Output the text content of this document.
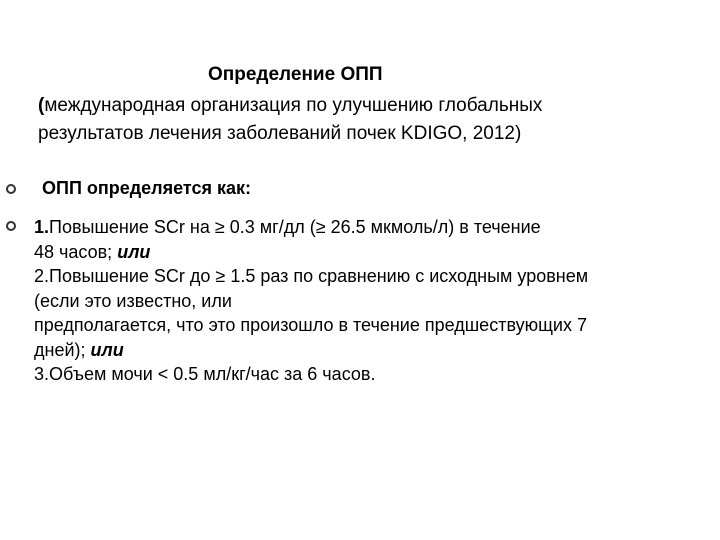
Определение ОПП
(международная организация по улучшению глобальных
результатов лечения заболеваний почек KDIGO, 2012)
ОПП определяется как:
1.Повышение SCr на ≥ 0.3 мг/дл (≥ 26.5 мкмоль/л) в течение
48 часов; или
2.Повышение SCr до ≥ 1.5 раз по сравнению с исходным уровнем
(если это известно, или
предполагается, что это произошло в течение предшествующих 7
дней); или
3.Объем мочи < 0.5 мл/кг/час за 6 часов.
